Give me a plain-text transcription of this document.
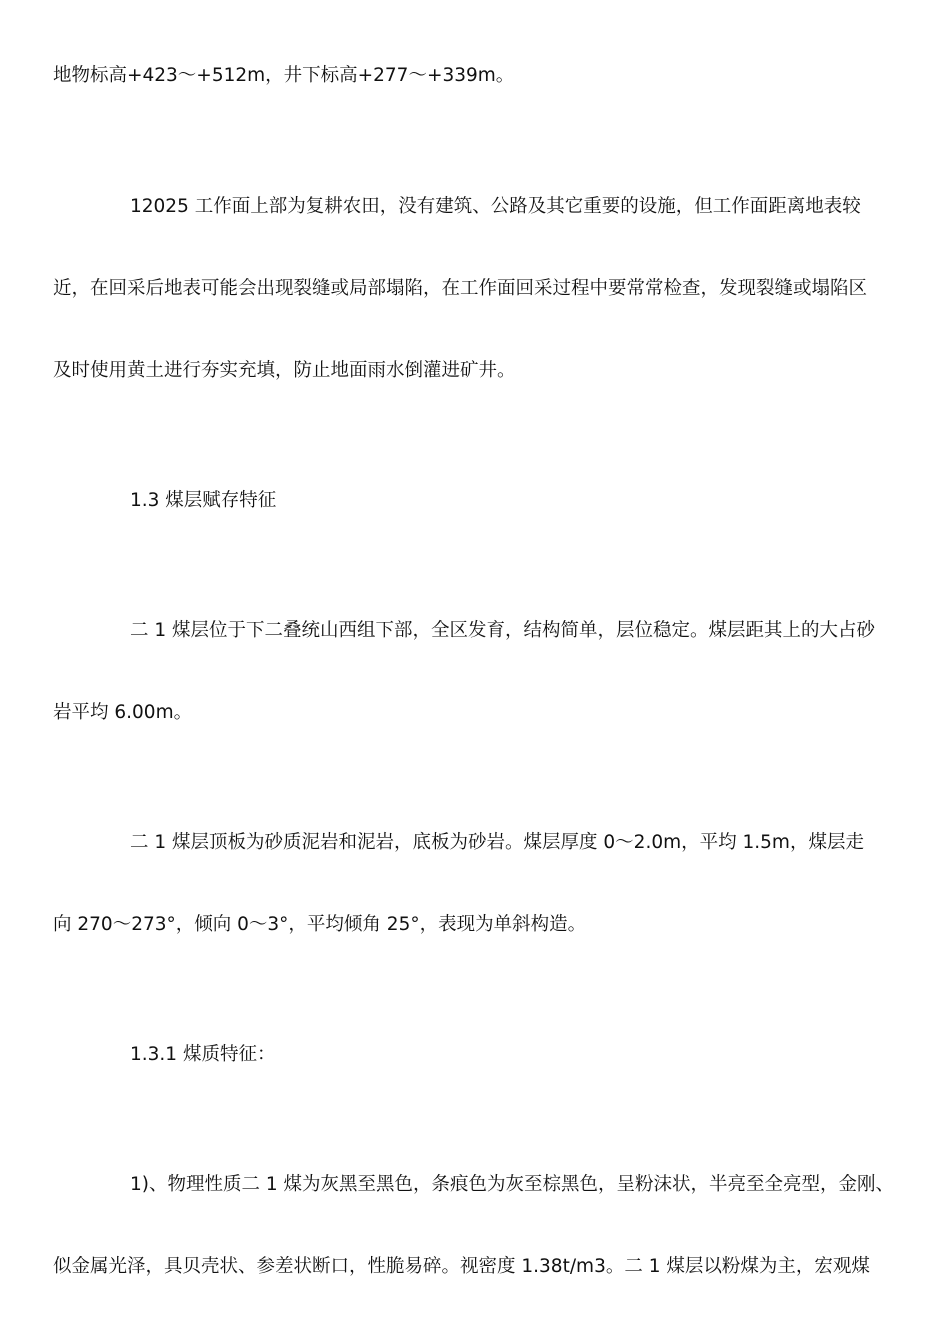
地物标高+423～+512m，井下标高+277～+339m。
12025 工作面上部为复耕农田，没有建筑、公路及其它重要的设施，但工作面距离地表较
近，在回采后地表可能会出现裂缝或局部塌陷，在工作面回采过程中要常常检查，发现裂缝或塌陷区
及时使用黄土进行夯实充填，防止地面雨水倒灌进矿井。
1.3 煤层赋存特征
二 1 煤层位于下二叠统山西组下部，全区发育，结构简单，层位稳定。煤层距其上的大占砂
岩平均 6.00m。
二 1 煤层顶板为砂质泥岩和泥岩，底板为砂岩。煤层厚度 0～2.0m，平均 1.5m，煤层走
向 270～273°，倾向 0～3°，平均倾角 25°，表现为单斜构造。
1.3.1 煤质特征：
1)、物理性质二 1 煤为灰黑至黑色，条痕色为灰至棕黑色，呈粉沫状，半亮至全亮型，金刚、
似金属光泽，具贝壳状、参差状断口，性脆易碎。视密度 1.38t/m3。二 1 煤层以粉煤为主，宏观煤
